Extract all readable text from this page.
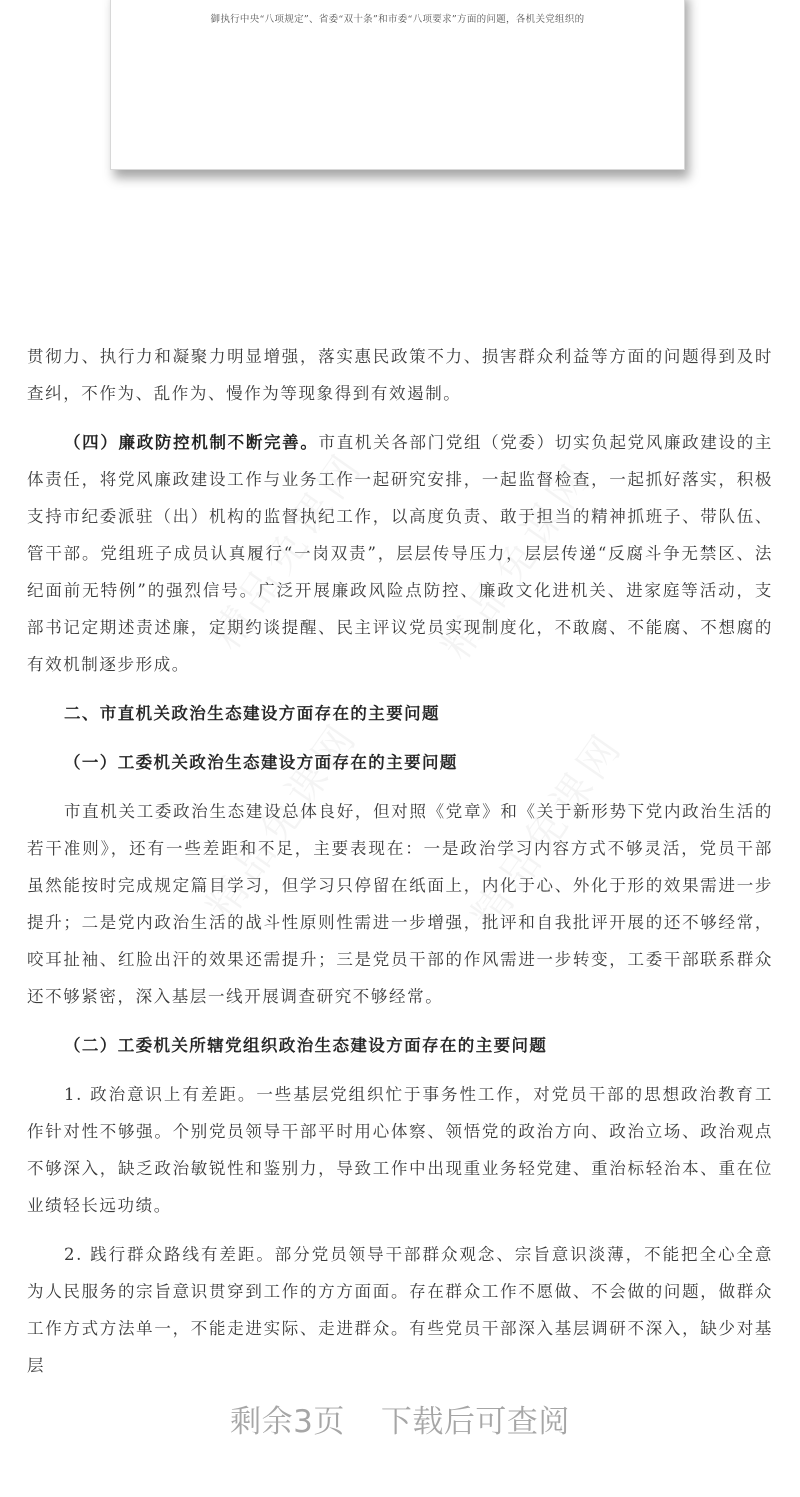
御执行中央“八项规定”、省委“双十条”和市委“八项要求”方面的问题，各机关党组织的

贯彻力、执行力和凝聚力明显增强，落实惠民政策不力、损害群众利益等方面的问题得到及时查纠，不作为、乱作为、慢作为等现象得到有效遏制。

（四）廉政防控机制不断完善。市直机关各部门党组（党委）切实负起党风廉政建设的主体责任，将党风廉政建设工作与业务工作一起研究安排，一起监督检查，一起抓好落实，积极支持市纪委派驻（出）机构的监督执纪工作，以高度负责、敢于担当的精神抓班子、带队伍、管干部。党组班子成员认真履行“一岗双责”，层层传导压力，层层传递“反腐斗争无禁区、法纪面前无特例”的强烈信号。广泛开展廉政风险点防控、廉政文化进机关、进家庭等活动，支部书记定期述责述廉，定期约谈提醒、民主评议党员实现制度化，不敢腐、不能腐、不想腐的有效机制逐步形成。

二、市直机关政治生态建设方面存在的主要问题
（一）工委机关政治生态建设方面存在的主要问题

市直机关工委政治生态建设总体良好，但对照《党章》和《关于新形势下党内政治生活的若干准则》，还有一些差距和不足，主要表现在：一是政治学习内容方式不够灵活，党员干部虽然能按时完成规定篇目学习，但学习只停留在纸面上，内化于心、外化于形的效果需进一步提升；二是党内政治生活的战斗性原则性需进一步增强，批评和自我批评开展的还不够经常，咬耳扯袖、红脸出汗的效果还需提升；三是党员干部的作风需进一步转变，工委干部联系群众还不够紧密，深入基层一线开展调查研究不够经常。

（二）工委机关所辖党组织政治生态建设方面存在的主要问题

1. 政治意识上有差距。一些基层党组织忙于事务性工作，对党员干部的思想政治教育工作针对性不够强。个别党员领导干部平时用心体察、领悟党的政治方向、政治立场、政治观点不够深入，缺乏政治敏锐性和鉴别力，导致工作中出现重业务轻党建、重治标轻治本、重在位业绩轻长远功绩。

2. 践行群众路线有差距。部分党员领导干部群众观念、宗旨意识淡薄，不能把全心全意为人民服务的宗旨意识贯穿到工作的方方面面。存在群众工作不愿做、不会做的问题，做群众工作方式方法单一，不能走进实际、走进群众。有些党员干部深入基层调研不深入，缺少对基层

剩余3页 下载后可查阅
